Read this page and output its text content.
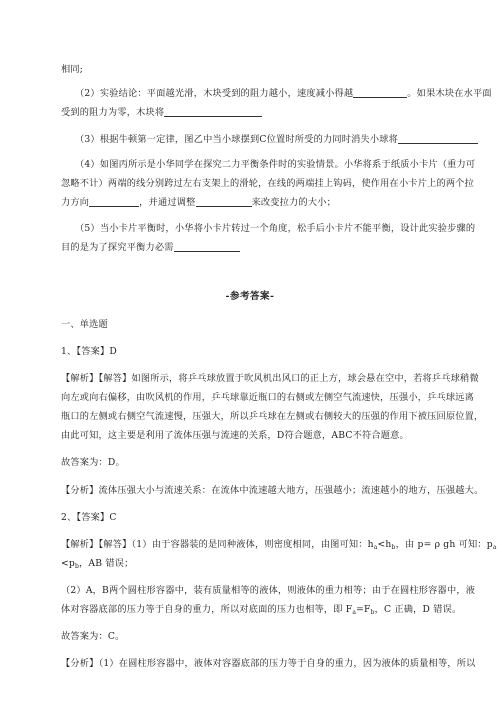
相同;
（2）实验结论：平面越光滑，木块受到的阻力越小，速度减小得越	。如果木块在水平面
受到的阻力为零，木块将
（3）根据牛顿第一定律，图乙中当小球摆到C位置时所受的力同时消失小球将
（4）如图丙所示是小华同学在探究二力平衡条件时的实验情景。小华将系于纸质小卡片（重力可
忽略不计）两端的线分别跨过左右支架上的滑轮，在线的两端挂上钩码，使作用在小卡片上的两个拉
力方向	，并通过调整	来改变拉力的大小；
（5）当小卡片平衡时，小华将小卡片转过一个角度，松手后小卡片不能平衡，设计此实验步骤的
目的是为了探究平衡力必需
-参考答案-
一、单选题
1、【答案】D
【解析】【解答】如图所示，将乒乓球放置于吹风机出风口的正上方，球会悬在空中，若将乒乓球稍微
向左或向右偏移，由吹风机的作用，乒乓球靠近瓶口的右侧或左侧空气流速快，压强小，乒乓球远离
瓶口的左侧或右侧空气流速慢，压强大，所以乒乓球在左侧或右侧较大的压强的作用下被压回原位置，
由此可知，这主要是利用了流体压强与流速的关系，D符合题意，ABC不符合题意。
故答案为：D。
【分析】流体压强大小与流速关系：在流体中流速越大地方，压强越小；流速越小的地方，压强越大。
2、【答案】C
【解析】【解答】（1）由于容器装的是同种液体，则密度相同，由图可知：$h_a<h_b$，由 p= ρ gh 可知：$p_a$
$<p_b$，AB 错误；
（2）A，B两个圆柱形容器中，装有质量相等的液体，则液体的重力相等；由于在圆柱形容器中，液
体对容器底部的压力等于自身的重力，所以对底面的压力也相等，即 $F_a=F_b$，C 正确，D 错误。
故答案为：C。
【分析】（1）在圆柱形容器中，液体对容器底部的压力等于自身的重力，因为液体的质量相等，所以
